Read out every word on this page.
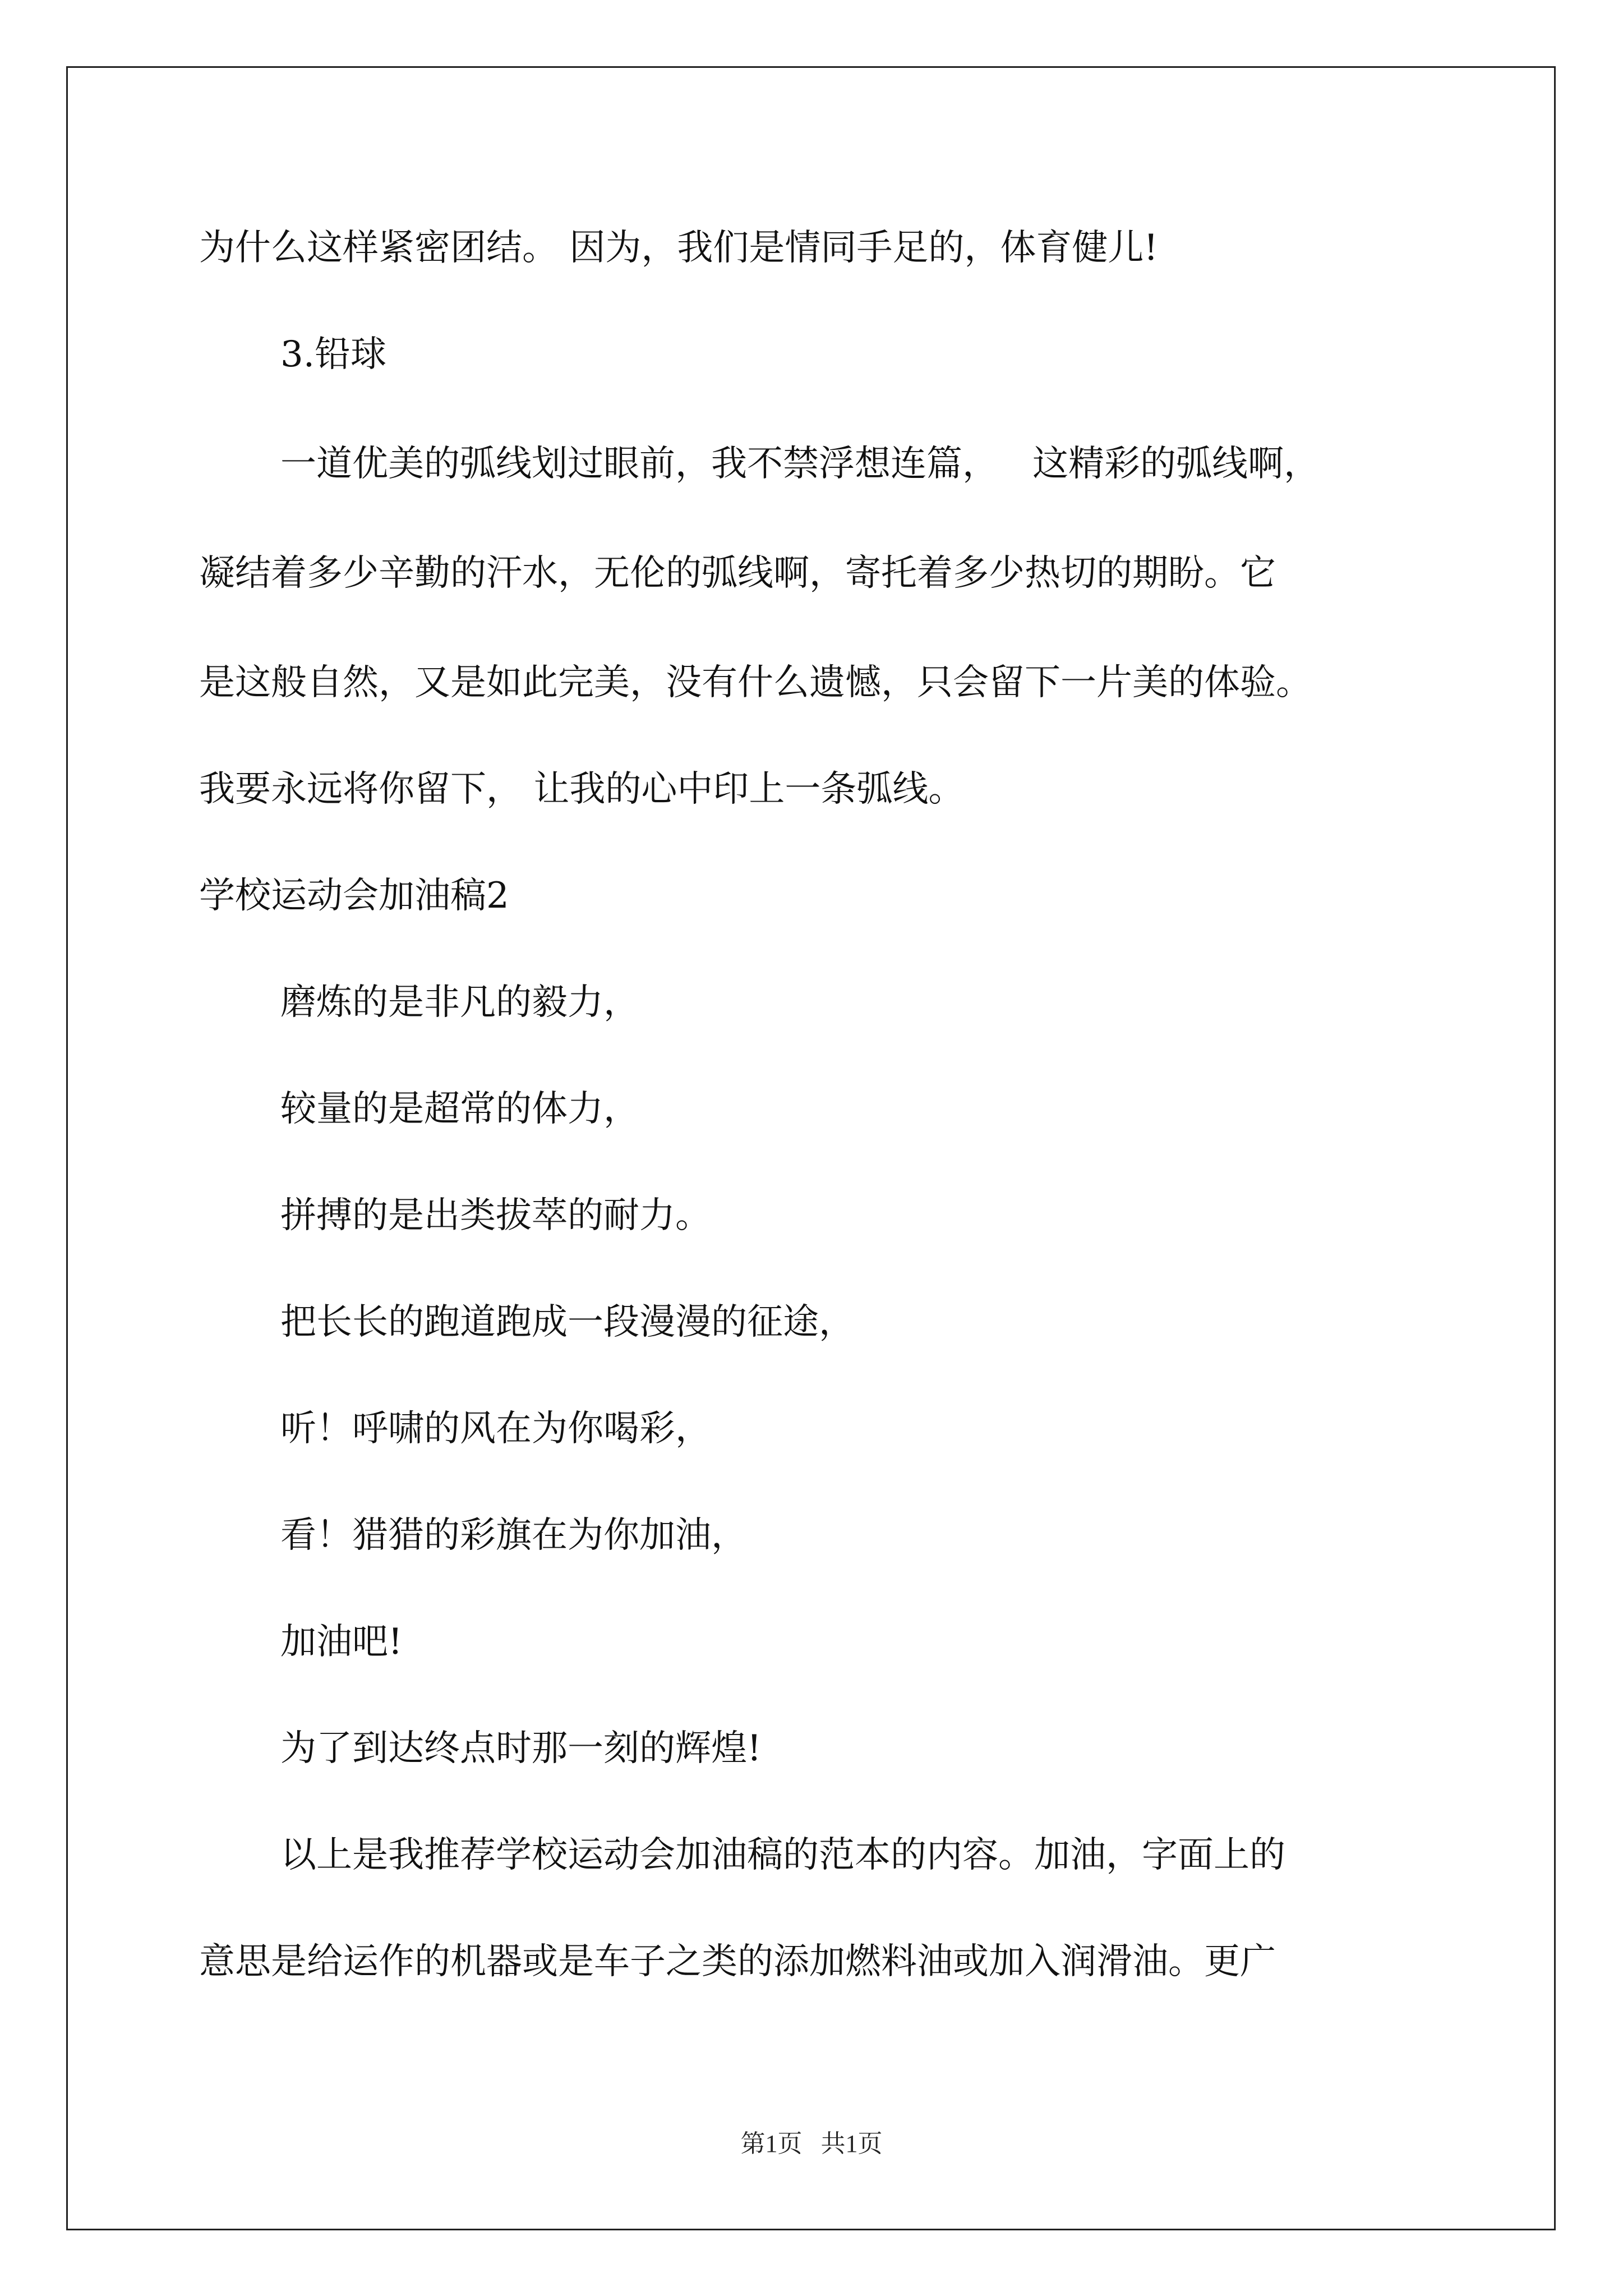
为什么这样紧密团结。 因为，我们是情同手足的，体育健儿!

3.铅球

一道优美的弧线划过眼前，我不禁浮想连篇，   这精彩的弧线啊，

凝结着多少辛勤的汗水，无伦的弧线啊，寄托着多少热切的期盼。它

是这般自然，又是如此完美，没有什么遗憾，只会留下一片美的体验。

我要永远将你留下， 让我的心中印上一条弧线。

学校运动会加油稿2

磨炼的是非凡的毅力，

较量的是超常的体力，

拼搏的是出类拔萃的耐力。

把长长的跑道跑成一段漫漫的征途，

听！呼啸的风在为你喝彩，

看！猎猎的彩旗在为你加油，

加油吧!

为了到达终点时那一刻的辉煌!

以上是我推荐学校运动会加油稿的范本的内容。加油，字面上的

意思是给运作的机器或是车子之类的添加燃料油或加入润滑油。更广

第1页   共1页
